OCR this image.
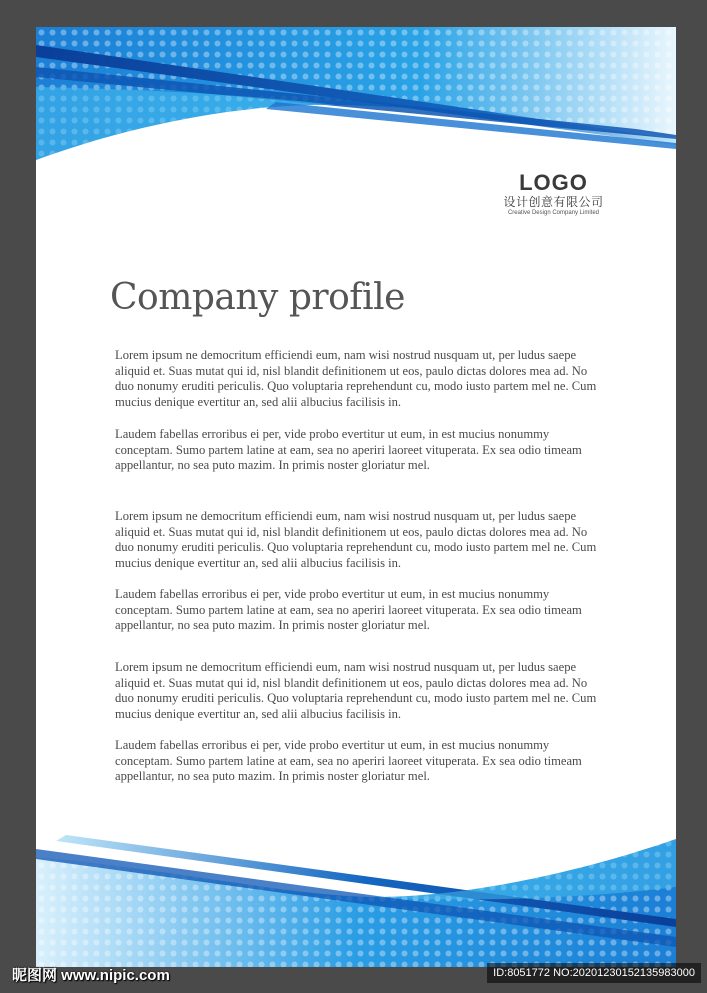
LOGO
设计创意有限公司
Creative Design Company Limited
Company profile

Lorem ipsum ne democritum efficiendi eum, nam wisi nostrud nusquam ut, per ludus saepe aliquid et. Suas mutat qui id, nisl blandit definitionem ut eos, paulo dictas dolores mea ad. No duo nonumy eruditi periculis. Quo voluptaria reprehendunt cu, modo iusto partem mel ne. Cum mucius denique evertitur an, sed alii albucius facilisis in.

Laudem fabellas erroribus ei per, vide probo evertitur ut eum, in est mucius nonummy conceptam. Sumo partem latine at eam, sea no aperiri laoreet vituperata. Ex sea odio timeam appellantur, no sea puto mazim. In primis noster gloriatur mel.

Lorem ipsum ne democritum efficiendi eum, nam wisi nostrud nusquam ut, per ludus saepe aliquid et. Suas mutat qui id, nisl blandit definitionem ut eos, paulo dictas dolores mea ad. No duo nonumy eruditi periculis. Quo voluptaria reprehendunt cu, modo iusto partem mel ne. Cum mucius denique evertitur an, sed alii albucius facilisis in.

Laudem fabellas erroribus ei per, vide probo evertitur ut eum, in est mucius nonummy conceptam. Sumo partem latine at eam, sea no aperiri laoreet vituperata. Ex sea odio timeam appellantur, no sea puto mazim. In primis noster gloriatur mel.

Lorem ipsum ne democritum efficiendi eum, nam wisi nostrud nusquam ut, per ludus saepe aliquid et. Suas mutat qui id, nisl blandit definitionem ut eos, paulo dictas dolores mea ad. No duo nonumy eruditi periculis. Quo voluptaria reprehendunt cu, modo iusto partem mel ne. Cum mucius denique evertitur an, sed alii albucius facilisis in.

Laudem fabellas erroribus ei per, vide probo evertitur ut eum, in est mucius nonummy conceptam. Sumo partem latine at eam, sea no aperiri laoreet vituperata. Ex sea odio timeam appellantur, no sea puto mazim. In primis noster gloriatur mel.

昵图网 www.nipic.com	ID:8051772 NO:20201230152135983000
